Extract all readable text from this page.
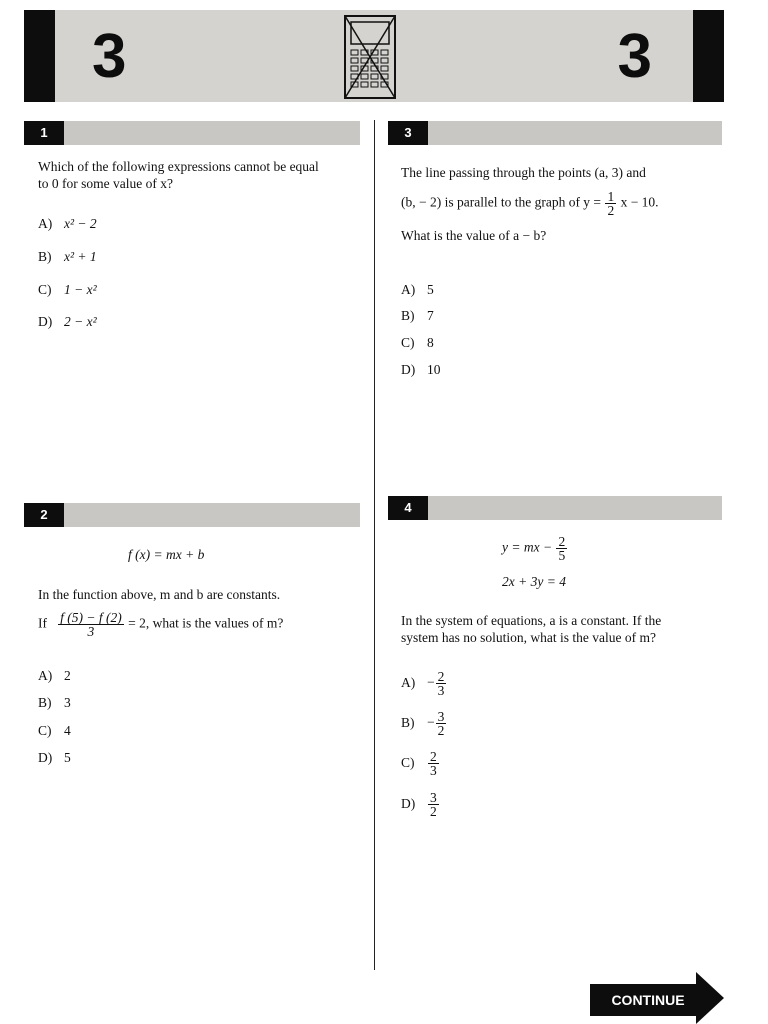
3	3
1
Which of the following expressions cannot be equal
to 0 for some value of x?
A) x² − 2
B) x² + 1
C) 1 − x²
D) 2 − x²
2
f (x) = mx + b
In the function above, m and b are constants.
If $\frac{f (5) - f (2)}{3} = 2$, what is the values of m?
A) 2
B) 3
C) 4
D) 5
3
The line passing through the points (a, 3) and
(b, − 2) is parallel to the graph of $y = \frac{1}{2}$ x − 10.
What is the value of a − b?
A) 5
B) 7
C) 8
D) 10
4
y = mx − $\frac{2}{5}$
2x + 3y = 4
In the system of equations, a is a constant. If the
system has no solution, what is the value of m?
$A) - \frac{2}{3}$
$B) - \frac{3}{2}$
$C) \frac{2}{3}$
$D) \frac{3}{2}$
CONTINUE
